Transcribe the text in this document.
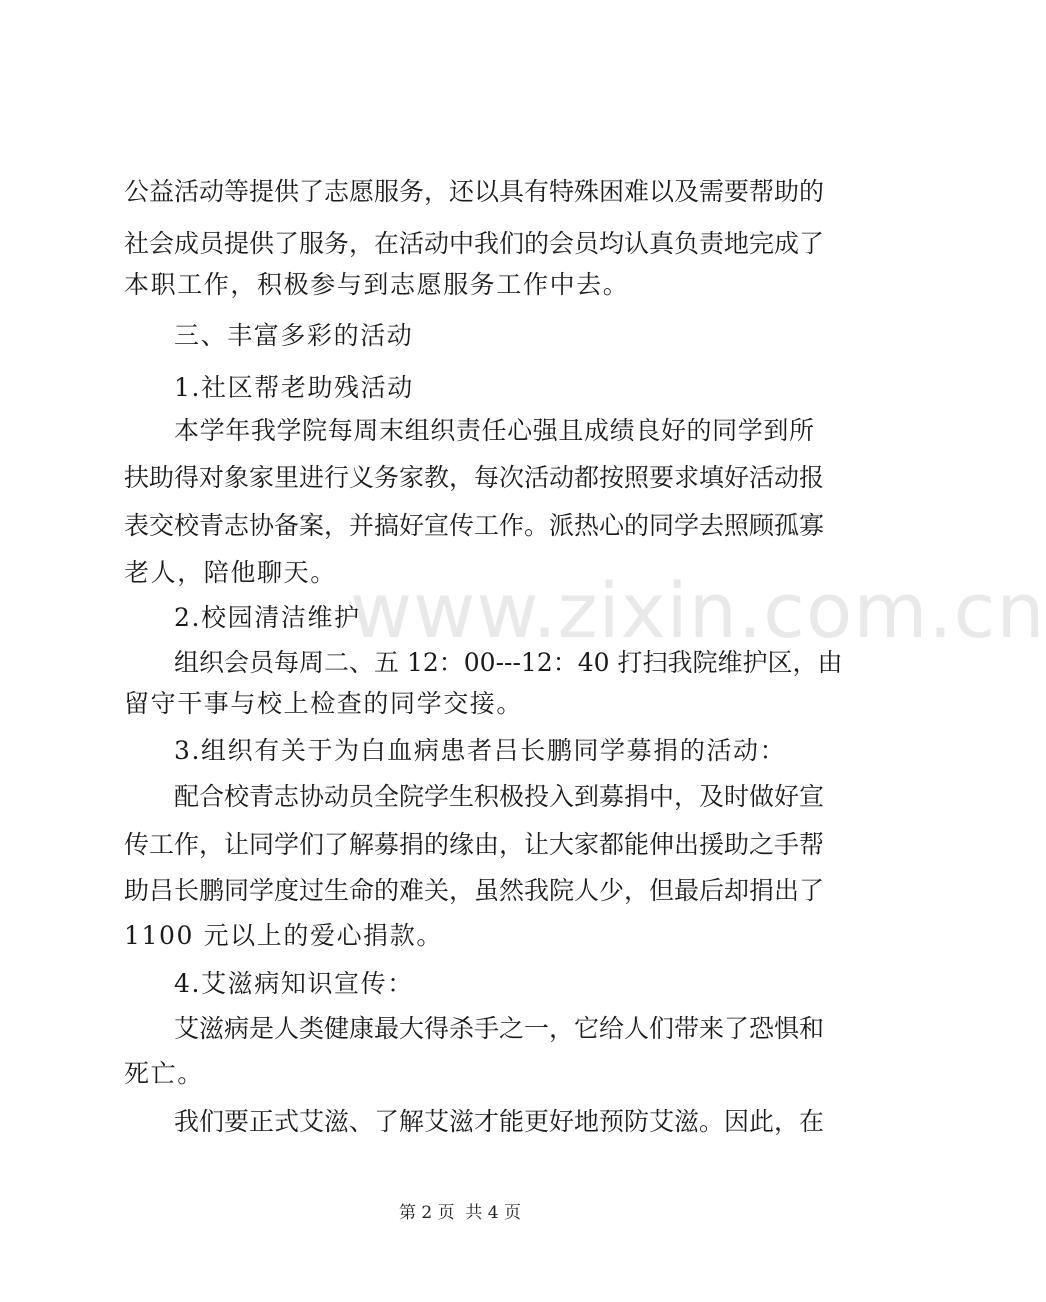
www.zixin.com.cn
公益活动等提供了志愿服务，还以具有特殊困难以及需要帮助的
社会成员提供了服务，在活动中我们的会员均认真负责地完成了
本职工作，积极参与到志愿服务工作中去。
三、丰富多彩的活动
1.社区帮老助残活动
本学年我学院每周末组织责任心强且成绩良好的同学到所
扶助得对象家里进行义务家教，每次活动都按照要求填好活动报
表交校青志协备案，并搞好宣传工作。派热心的同学去照顾孤寡
老人，陪他聊天。
2.校园清洁维护
组织会员每周二、五 12：00---12：40 打扫我院维护区，由
留守干事与校上检查的同学交接。
3.组织有关于为白血病患者吕长鹏同学募捐的活动：
配合校青志协动员全院学生积极投入到募捐中，及时做好宣
传工作，让同学们了解募捐的缘由，让大家都能伸出援助之手帮
助吕长鹏同学度过生命的难关，虽然我院人少，但最后却捐出了
1100 元以上的爱心捐款。
4.艾滋病知识宣传：
艾滋病是人类健康最大得杀手之一，它给人们带来了恐惧和
死亡。
我们要正式艾滋、了解艾滋才能更好地预防艾滋。因此，在
第 2 页  共 4 页
